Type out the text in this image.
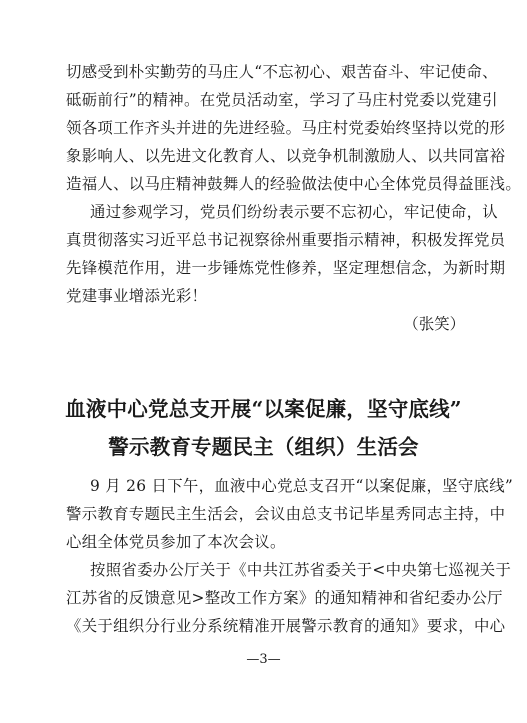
切感受到朴实勤劳的马庄人“不忘初心、艰苦奋斗、牢记使命、
砥砺前行”的精神。在党员活动室，学习了马庄村党委以党建引
领各项工作齐头并进的先进经验。马庄村党委始终坚持以党的形
象影响人、以先进文化教育人、以竞争机制激励人、以共同富裕
造福人、以马庄精神鼓舞人的经验做法使中心全体党员得益匪浅。
通过参观学习，党员们纷纷表示要不忘初心，牢记使命，认
真贯彻落实习近平总书记视察徐州重要指示精神，积极发挥党员
先锋模范作用，进一步锤炼党性修养，坚定理想信念，为新时期
党建事业增添光彩！
（张笑）
血液中心党总支开展“以案促廉，坚守底线”
警示教育专题民主（组织）生活会
9 月 26 日下午，血液中心党总支召开“以案促廉，坚守底线”
警示教育专题民主生活会，会议由总支书记毕星秀同志主持，中
心组全体党员参加了本次会议。
按照省委办公厅关于《中共江苏省委关于<中央第七巡视关于
江苏省的反馈意见>整改工作方案》的通知精神和省纪委办公厅
《关于组织分行业分系统精准开展警示教育的通知》要求，中心
—3—
